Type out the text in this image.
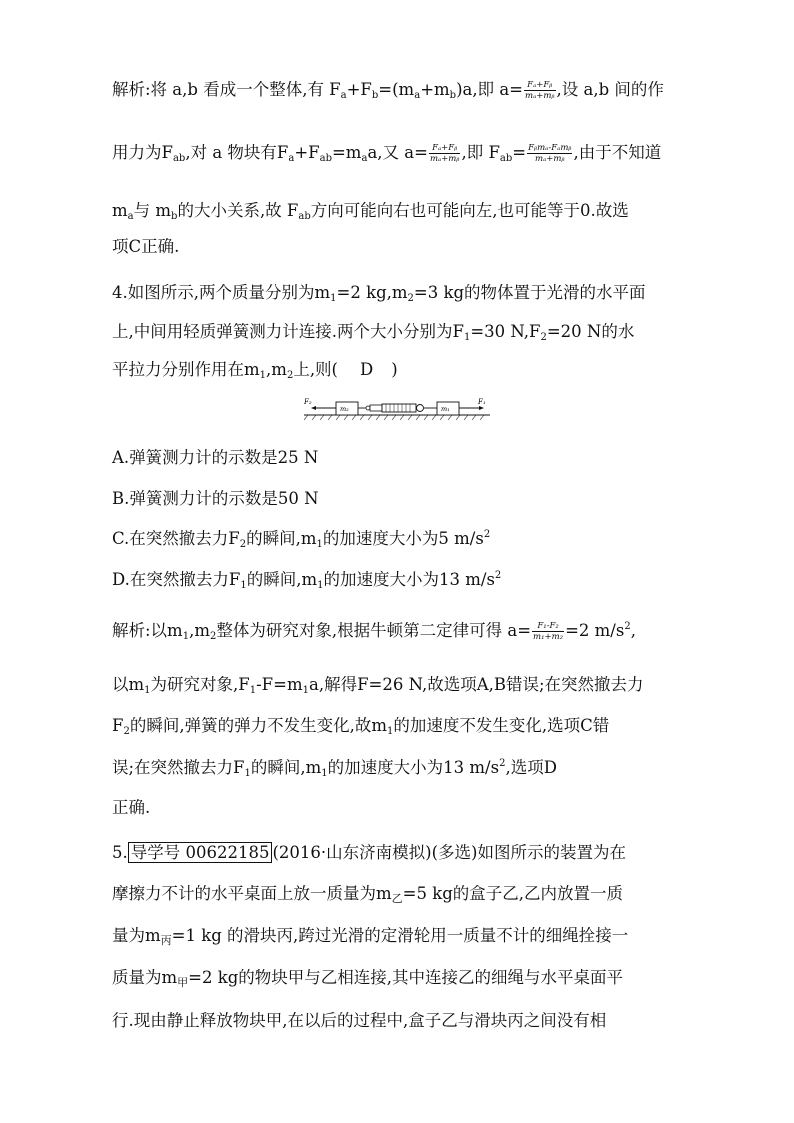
解析:将 a,b 看成一个整体,有 $F_a+F_b=(m_a+m_b)a$,即 $a= \frac{\text{Fₐ+Fᵦ}}{\text{mₐ+mᵦ}}$ ,设 a,b 间的作
用力为$F_{ab}$,对 a 物块有$F_a+F_{ab}=m_aa$,又 $a= \frac{\text{Fₐ+Fᵦ}}{\text{mₐ+mᵦ}}$ ,即 $F_{ab}= \frac{\text{Fᵦmₐ-Fₐmᵦ}}{\text{mₐ+mᵦ}}$ ,由于不知道
$m_a$与 $m_b$的大小关系,故 $F_{ab}$方向可能向右也可能向左,也可能等于0.故选
项C正确.
4.如图所示,两个质量分别为$m_1=2$ $kg,m_2=3$ kg的物体置于光滑的水平面
上,中间用轻质弹簧测力计连接.两个大小分别为$F_1=30$ $N,F_2=20$ N的水
平拉力分别作用在$m_1,m_2$上,则( D )
F₂
m₂	m₁
F₁
A.弹簧测力计的示数是25 N
B.弹簧测力计的示数是50 N
C.在突然撤去力$F_2$的瞬间$,m_1$的加速度大小为5 $m/s^2$
D.在突然撤去力$F_1$的瞬间$,m_1$的加速度大小为13 $m/s^2$
解析:以$m_1,m_2$整体为研究对象,根据牛顿第二定律可得 $a= \frac{\text{F₁-F₂}}{\text{m₁+m₂}} =2$ $m/s^2$,
以$m_1$为研究对象$,F_1-F=m_1a$,解得F=26 N,故选项A,B错误;在突然撤去力
$F_2$的瞬间,弹簧的弹力不发生变化,故$m_1$的加速度不发生变化,选项C错
误;在突然撤去力$F_1$的瞬间$,m_1$的加速度大小为13 $m/s^2$,选项D
正确.
5. 导学号 00622185 (2016·山东济南模拟)(多选)如图所示的装置为在
摩擦力不计的水平桌面上放一质量为m乙=5 kg的盒子乙,乙内放置一质
量为m丙=1 kg 的滑块丙,跨过光滑的定滑轮用一质量不计的细绳拴接一
质量为m甲=2 kg的物块甲与乙相连接,其中连接乙的细绳与水平桌面平
行.现由静止释放物块甲,在以后的过程中,盒子乙与滑块丙之间没有相
